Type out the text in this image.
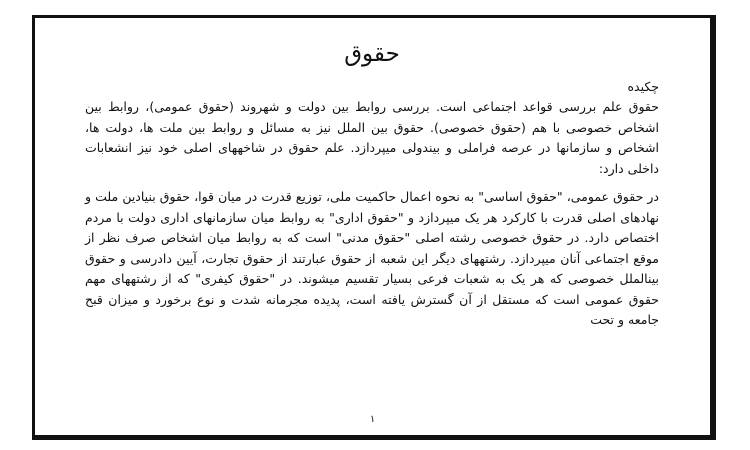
حقوق

چکیده

حقوق علم بررسی قواعد اجتماعی است. بررسی روابط بین دولت و شهروند (حقوق عمومی)، روابط بین اشخاص خصوصی با هم (حقوق خصوصی). حقوق بین الملل نیز به مسائل و روابط بین ملت ها، دولت ها، اشخاص و سازمانها در عرصه فراملی و بیندولی میپردازد. علم حقوق در شاخههای اصلی خود نیز انشعابات داخلی دارد:

در حقوق عمومی، "حقوق اساسی" به نحوه اعمال حاکمیت ملی، توزیع قدرت در میان قوا، حقوق بنیادین ملت و نهادهای اصلی قدرت با کارکرد هر یک میپردازد و "حقوق اداری" به روابط میان سازمانهای اداری دولت با مردم اختصاص دارد. در حقوق خصوصی رشته اصلی "حقوق مدنی" است که به روابط میان اشخاص صرف نظر از موقع اجتماعی آنان میپردازد. رشتههای دیگر این شعبه از حقوق عبارتند از حقوق تجارت، آیین دادرسی و حقوق بینالملل خصوصی که هر یک به شعبات فرعی بسیار تقسیم میشوند. در "حقوق کیفری" که از رشتههای مهم حقوق عمومی است که مستقل از آن گسترش یافته است، پدیده مجرمانه شدت و نوع برخورد و میزان قبح جامعه و تحت

۱
